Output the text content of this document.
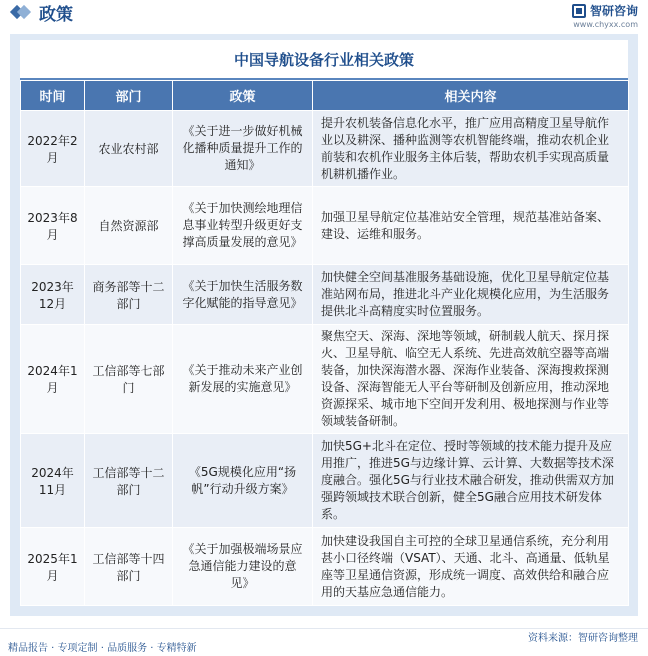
政策	智研咨询
www.chyxx.com
中国导航设备行业相关政策
时间	部门	政策	相关内容
2022年2月	农业农村部	《关于进一步做好机械化播种质量提升工作的通知》	提升农机装备信息化水平，推广应用高精度卫星导航作业以及耕深、播种监测等农机智能终端，推动农机企业前装和农机作业服务主体后装，帮助农机手实现高质量机耕机播作业。
2023年8月	自然资源部	《关于加快测绘地理信息事业转型升级更好支撑高质量发展的意见》	加强卫星导航定位基准站安全管理，规范基准站备案、建设、运维和服务。
2023年12月	商务部等十二部门	《关于加快生活服务数字化赋能的指导意见》	加快健全空间基准服务基础设施，优化卫星导航定位基准站网布局，推进北斗产业化规模化应用，为生活服务提供北斗高精度实时位置服务。
2024年1月	工信部等七部门	《关于推动未来产业创新发展的实施意见》	聚焦空天、深海、深地等领域，研制载人航天、探月探火、卫星导航、临空无人系统、先进高效航空器等高端装备，加快深海潜水器、深海作业装备、深海搜救探测设备、深海智能无人平台等研制及创新应用，推动深地资源探采、城市地下空间开发利用、极地探测与作业等领域装备研制。
2024年11月	工信部等十二部门	《5G规模化应用“扬帆”行动升级方案》	加快5G+北斗在定位、授时等领域的技术能力提升及应用推广，推进5G与边缘计算、云计算、大数据等技术深度融合。强化5G与行业技术融合研发，推动供需双方加强跨领域技术联合创新，健全5G融合应用技术研发体系。
2025年1月	工信部等十四部门	《关于加强极端场景应急通信能力建设的意见》	加快建设我国自主可控的全球卫星通信系统，充分利用甚小口径终端（VSAT）、天通、北斗、高通量、低轨星座等卫星通信资源，形成统一调度、高效供给和融合应用的天基应急通信能力。
精品报告 · 专项定制 · 品质服务 · 专精特新
资料来源：智研咨询整理
